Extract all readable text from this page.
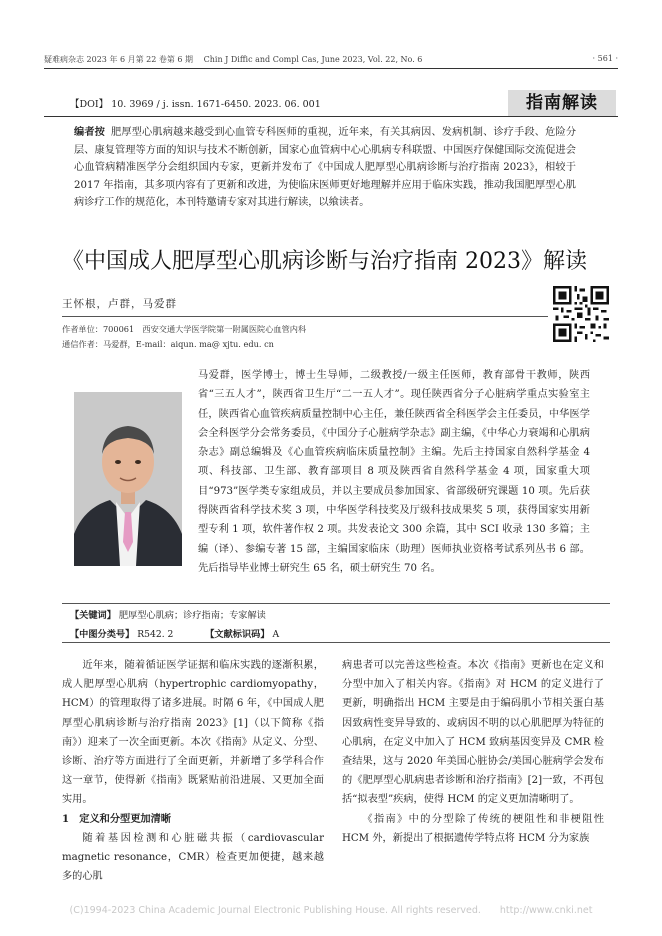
疑难病杂志 2023 年 6 月第 22 卷第 6 期　 Chin J Diffic and Compl Cas, June 2023, Vol. 22, No. 6	· 561 ·
【DOI】 10. 3969 / j. issn. 1671-6450. 2023. 06. 001	指南解读
编者按 肥厚型心肌病越来越受到心血管专科医师的重视，近年来，有关其病因、发病机制、诊疗手段、危险分层、康复管理等方面的知识与技术不断创新，国家心血管病中心心肌病专科联盟、中国医疗保健国际交流促进会心血管病精准医学分会组织国内专家，更新并发布了《中国成人肥厚型心肌病诊断与治疗指南 2023》，相较于 2017 年指南，其多项内容有了更新和改进，为使临床医师更好地理解并应用于临床实践，推动我国肥厚型心肌病诊疗工作的规范化，本刊特邀请专家对其进行解读，以飨读者。
《中国成人肥厚型心肌病诊断与治疗指南 2023》解读
王怀根，卢群，马爱群
作者单位：700061　西安交通大学医学院第一附属医院心血管内科
通信作者：马爱群，E-mail：aiqun. ma@ xjtu. edu. cn
马爱群，医学博士，博士生导师，二级教授/一级主任医师，教育部骨干教师，陕西省“三五人才”，陕西省卫生厅“二一五人才”。现任陕西省分子心脏病学重点实验室主任，陕西省心血管疾病质量控制中心主任，兼任陕西省全科医学会主任委员，中华医学会全科医学分会常务委员，《中国分子心脏病学杂志》副主编，《中华心力衰竭和心肌病杂志》副总编辑及《心血管疾病临床质量控制》主编。先后主持国家自然科学基金 4 项、科技部、卫生部、教育部项目 8 项及陕西省自然科学基金 4 项，国家重大项目“973”医学类专家组成员，并以主要成员参加国家、省部级研究课题 10 项。先后获得陕西省科学技术奖 3 项，中华医学科技奖及厅级科技成果奖 5 项，获得国家实用新型专利 1 项，软件著作权 2 项。共发表论文 300 余篇，其中 SCI 收录 130 多篇；主编（译）、参编专著 15 部，主编国家临床（助理）医师执业资格考试系列丛书 6 部。先后指导毕业博士研究生 65 名，硕士研究生 70 名。
【关键词】 肥厚型心肌病；诊疗指南；专家解读
【中图分类号】 R542. 2	【文献标识码】 A

近年来，随着循证医学证据和临床实践的逐渐积累，成人肥厚型心肌病（hypertrophic cardiomyopathy，HCM）的管理取得了诸多进展。时隔 6 年，《中国成人肥厚型心肌病诊断与治疗指南 2023》[1]（以下简称《指南》）迎来了一次全面更新。本次《指南》从定义、分型、诊断、治疗等方面进行了全面更新，并新增了多学科合作这一章节，使得新《指南》既紧贴前沿进展、又更加全面实用。

1　定义和分型更加清晰

随着基因检测和心脏磁共振（cardiovascular magnetic resonance，CMR）检查更加便捷，越来越多的心肌

病患者可以完善这些检查。本次《指南》更新也在定义和分型中加入了相关内容。《指南》对 HCM 的定义进行了更新，明确指出 HCM 主要是由于编码肌小节相关蛋白基因致病性变异导致的、或病因不明的以心肌肥厚为特征的心肌病，在定义中加入了 HCM 致病基因变异及 CMR 检查结果，这与 2020 年美国心脏协会/美国心脏病学会发布的《肥厚型心肌病患者诊断和治疗指南》[2]一致，不再包括“拟表型”疾病，使得 HCM 的定义更加清晰明了。

《指南》中的分型除了传统的梗阻性和非梗阻性 HCM 外，新提出了根据遗传学特点将 HCM 分为家族

(C)1994-2023 China Academic Journal Electronic Publishing House. All rights reserved.　　http://www.cnki.net
